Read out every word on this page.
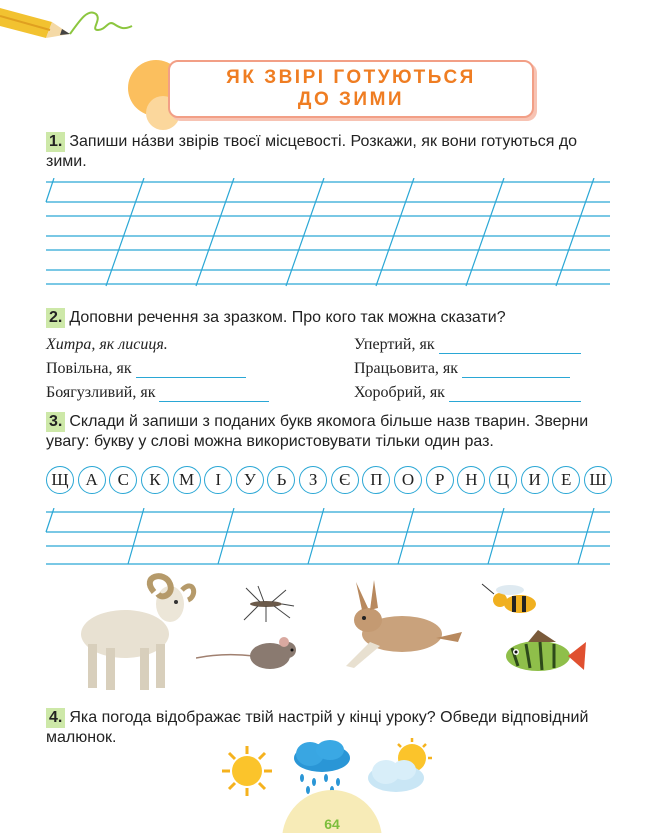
ЯК ЗВІРІ ГОТУЮТЬСЯ
ДО ЗИМИ
1. Запиши на́зви звірів твоєї місцевості. Розкажи, як вони готуються до зими.
2. Доповни речення за зразком. Про кого так можна сказати?
Хитра, як лисиця.
Повільна, як
Боягузливий, як
Упертий, як
Працьовита, як
Хоробрий, як
3. Склади й запиши з поданих букв якомога більше назв тварин. Зверни увагу: букву у слові можна використовувати тільки один раз.
Щ А	С	К	М	І	У	Ь	З	Є	П	О	Р	Н	Ц	И	Е	Ш
4. Яка погода відображає твій настрій у кінці уроку? Обведи відповідний малюнок.
64
